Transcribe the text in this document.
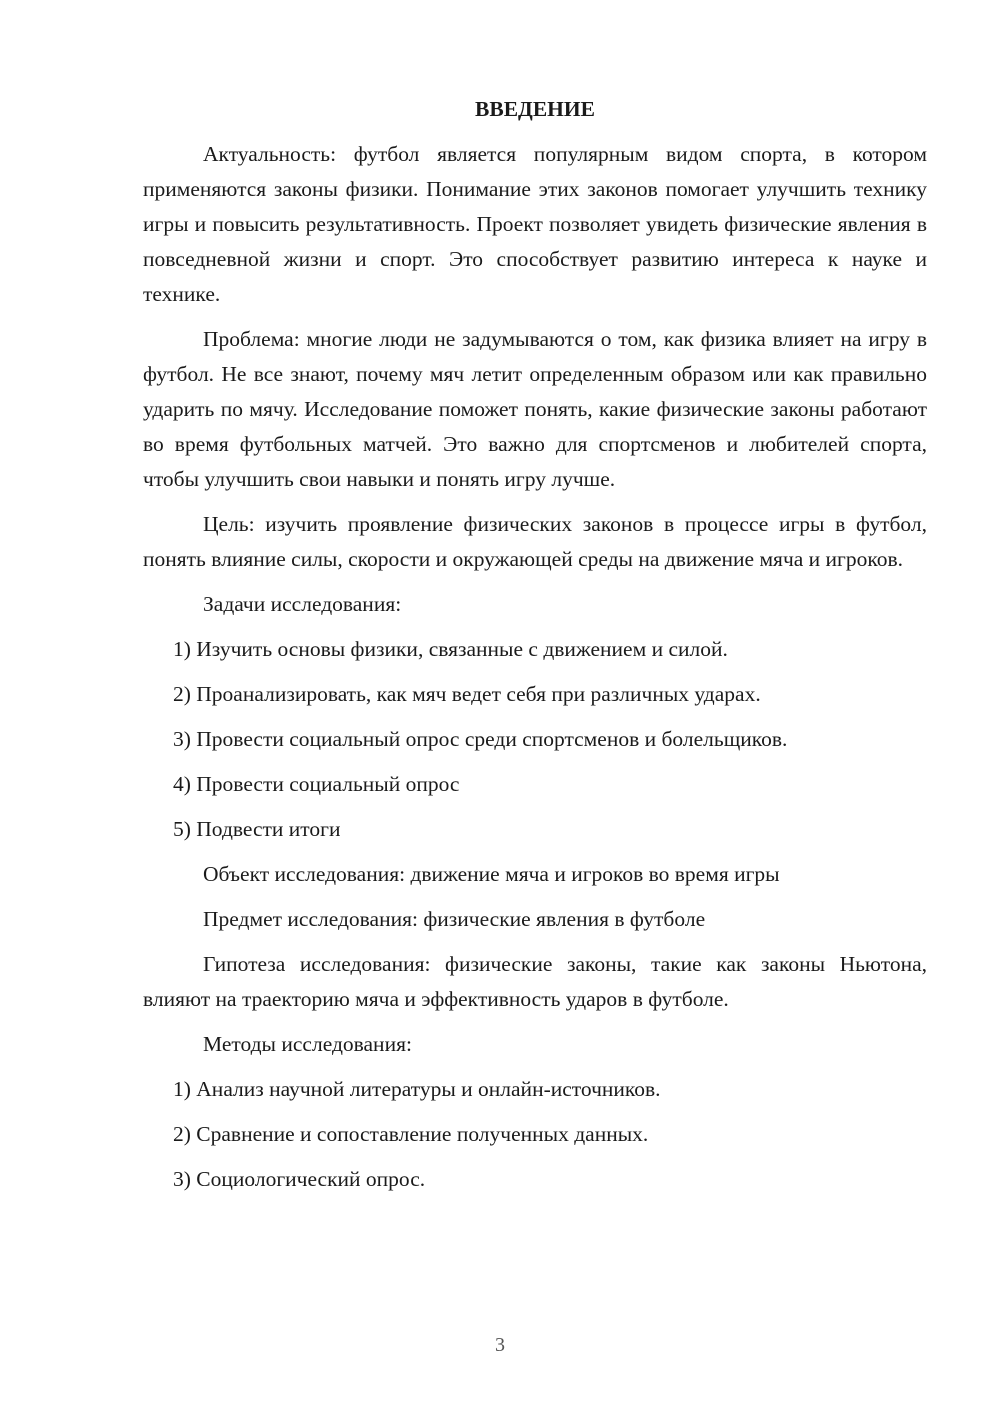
ВВЕДЕНИЕ

Актуальность: футбол является популярным видом спорта, в котором применяются законы физики. Понимание этих законов помогает улучшить технику игры и повысить результативность. Проект позволяет увидеть физические явления в повседневной жизни и спорт. Это способствует развитию интереса к науке и технике.

Проблема: многие люди не задумываются о том, как физика влияет на игру в футбол. Не все знают, почему мяч летит определенным образом или как правильно ударить по мячу. Исследование поможет понять, какие физические законы работают во время футбольных матчей. Это важно для спортсменов и любителей спорта, чтобы улучшить свои навыки и понять игру лучше.

Цель: изучить проявление физических законов в процессе игры в футбол, понять влияние силы, скорости и окружающей среды на движение мяча и игроков.

Задачи исследования:

1) Изучить основы физики, связанные с движением и силой.

2) Проанализировать, как мяч ведет себя при различных ударах.

3) Провести социальный опрос среди спортсменов и болельщиков.

4) Провести социальный опрос

5) Подвести итоги

Объект исследования: движение мяча и игроков во время игры

Предмет исследования: физические явления в футболе

Гипотеза исследования: физические законы, такие как законы Ньютона, влияют на траекторию мяча и эффективность ударов в футболе.

Методы исследования:

1) Анализ научной литературы и онлайн-источников.

2) Сравнение и сопоставление полученных данных.

3) Социологический опрос.

3
